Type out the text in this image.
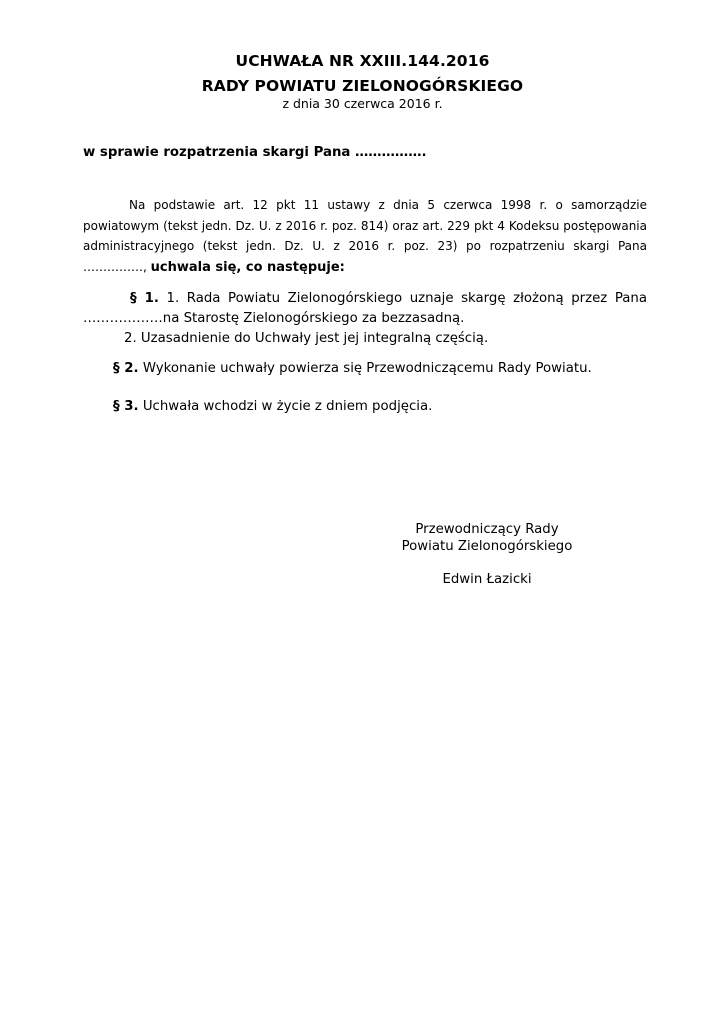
UCHWAŁA NR XXIII.144.2016
RADY POWIATU ZIELONOGÓRSKIEGO
z dnia 30 czerwca 2016 r.
w sprawie rozpatrzenia skargi Pana …………….
Na podstawie art. 12 pkt 11 ustawy z dnia 5 czerwca 1998 r. o samorządzie powiatowym (tekst jedn. Dz. U. z 2016 r. poz. 814) oraz art. 229 pkt 4 Kodeksu postępowania administracyjnego (tekst jedn. Dz. U. z 2016 r. poz. 23) po rozpatrzeniu skargi Pana ……………, uchwala się, co następuje:
§ 1. 1. Rada Powiatu Zielonogórskiego uznaje skargę złożoną przez Pana
………………na Starostę Zielonogórskiego za bezzasadną.
2. Uzasadnienie do Uchwały jest jej integralną częścią.
§ 2. Wykonanie uchwały powierza się Przewodniczącemu Rady Powiatu.
§ 3. Uchwała wchodzi w życie z dniem podjęcia.
Przewodniczący Rady
Powiatu Zielonogórskiego
Edwin Łazicki
